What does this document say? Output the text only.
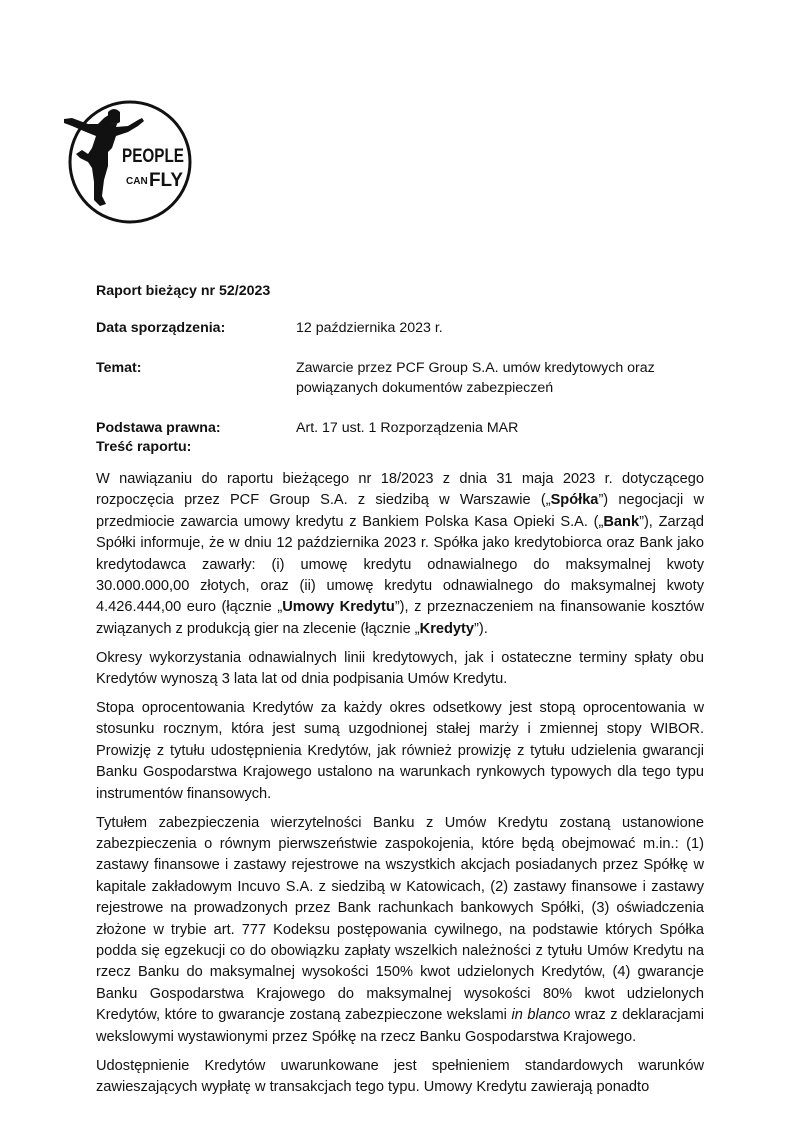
PEOPLE
CAN FLY
Raport bieżący nr 52/2023
Data sporządzenia:	12 października 2023 r.
Temat:	Zawarcie przez PCF Group S.A. umów kredytowych oraz powiązanych dokumentów zabezpieczeń
Podstawa prawna:	Art. 17 ust. 1 Rozporządzenia MAR
Treść raportu:

W nawiązaniu do raportu bieżącego nr 18/2023 z dnia 31 maja 2023 r. dotyczącego rozpoczęcia przez PCF Group S.A. z siedzibą w Warszawie („Spółka”) negocjacji w przedmiocie zawarcia umowy kredytu z Bankiem Polska Kasa Opieki S.A. („Bank”), Zarząd Spółki informuje, że w dniu 12 października 2023 r. Spółka jako kredytobiorca oraz Bank jako kredytodawca zawarły: (i) umowę kredytu odnawialnego do maksymalnej kwoty 30.000.000,00 złotych, oraz (ii) umowę kredytu odnawialnego do maksymalnej kwoty 4.426.444,00 euro (łącznie „Umowy Kredytu”), z przeznaczeniem na finansowanie kosztów związanych z produkcją gier na zlecenie (łącznie „Kredyty”).

Okresy wykorzystania odnawialnych linii kredytowych, jak i ostateczne terminy spłaty obu Kredytów wynoszą 3 lata lat od dnia podpisania Umów Kredytu.

Stopa oprocentowania Kredytów za każdy okres odsetkowy jest stopą oprocentowania w stosunku rocznym, która jest sumą uzgodnionej stałej marży i zmiennej stopy WIBOR. Prowizję z tytułu udostępnienia Kredytów, jak również prowizję z tytułu udzielenia gwarancji Banku Gospodarstwa Krajowego ustalono na warunkach rynkowych typowych dla tego typu instrumentów finansowych.

Tytułem zabezpieczenia wierzytelności Banku z Umów Kredytu zostaną ustanowione zabezpieczenia o równym pierwszeństwie zaspokojenia, które będą obejmować m.in.: (1) zastawy finansowe i zastawy rejestrowe na wszystkich akcjach posiadanych przez Spółkę w kapitale zakładowym Incuvo S.A. z siedzibą w Katowicach, (2) zastawy finansowe i zastawy rejestrowe na prowadzonych przez Bank rachunkach bankowych Spółki, (3) oświadczenia złożone w trybie art. 777 Kodeksu postępowania cywilnego, na podstawie których Spółka podda się egzekucji co do obowiązku zapłaty wszelkich należności z tytułu Umów Kredytu na rzecz Banku do maksymalnej wysokości 150% kwot udzielonych Kredytów, (4) gwarancje Banku Gospodarstwa Krajowego do maksymalnej wysokości 80% kwot udzielonych Kredytów, które to gwarancje zostaną zabezpieczone wekslami in blanco wraz z deklaracjami wekslowymi wystawionymi przez Spółkę na rzecz Banku Gospodarstwa Krajowego.

Udostępnienie Kredytów uwarunkowane jest spełnieniem standardowych warunków zawieszających wypłatę w transakcjach tego typu. Umowy Kredytu zawierają ponadto
